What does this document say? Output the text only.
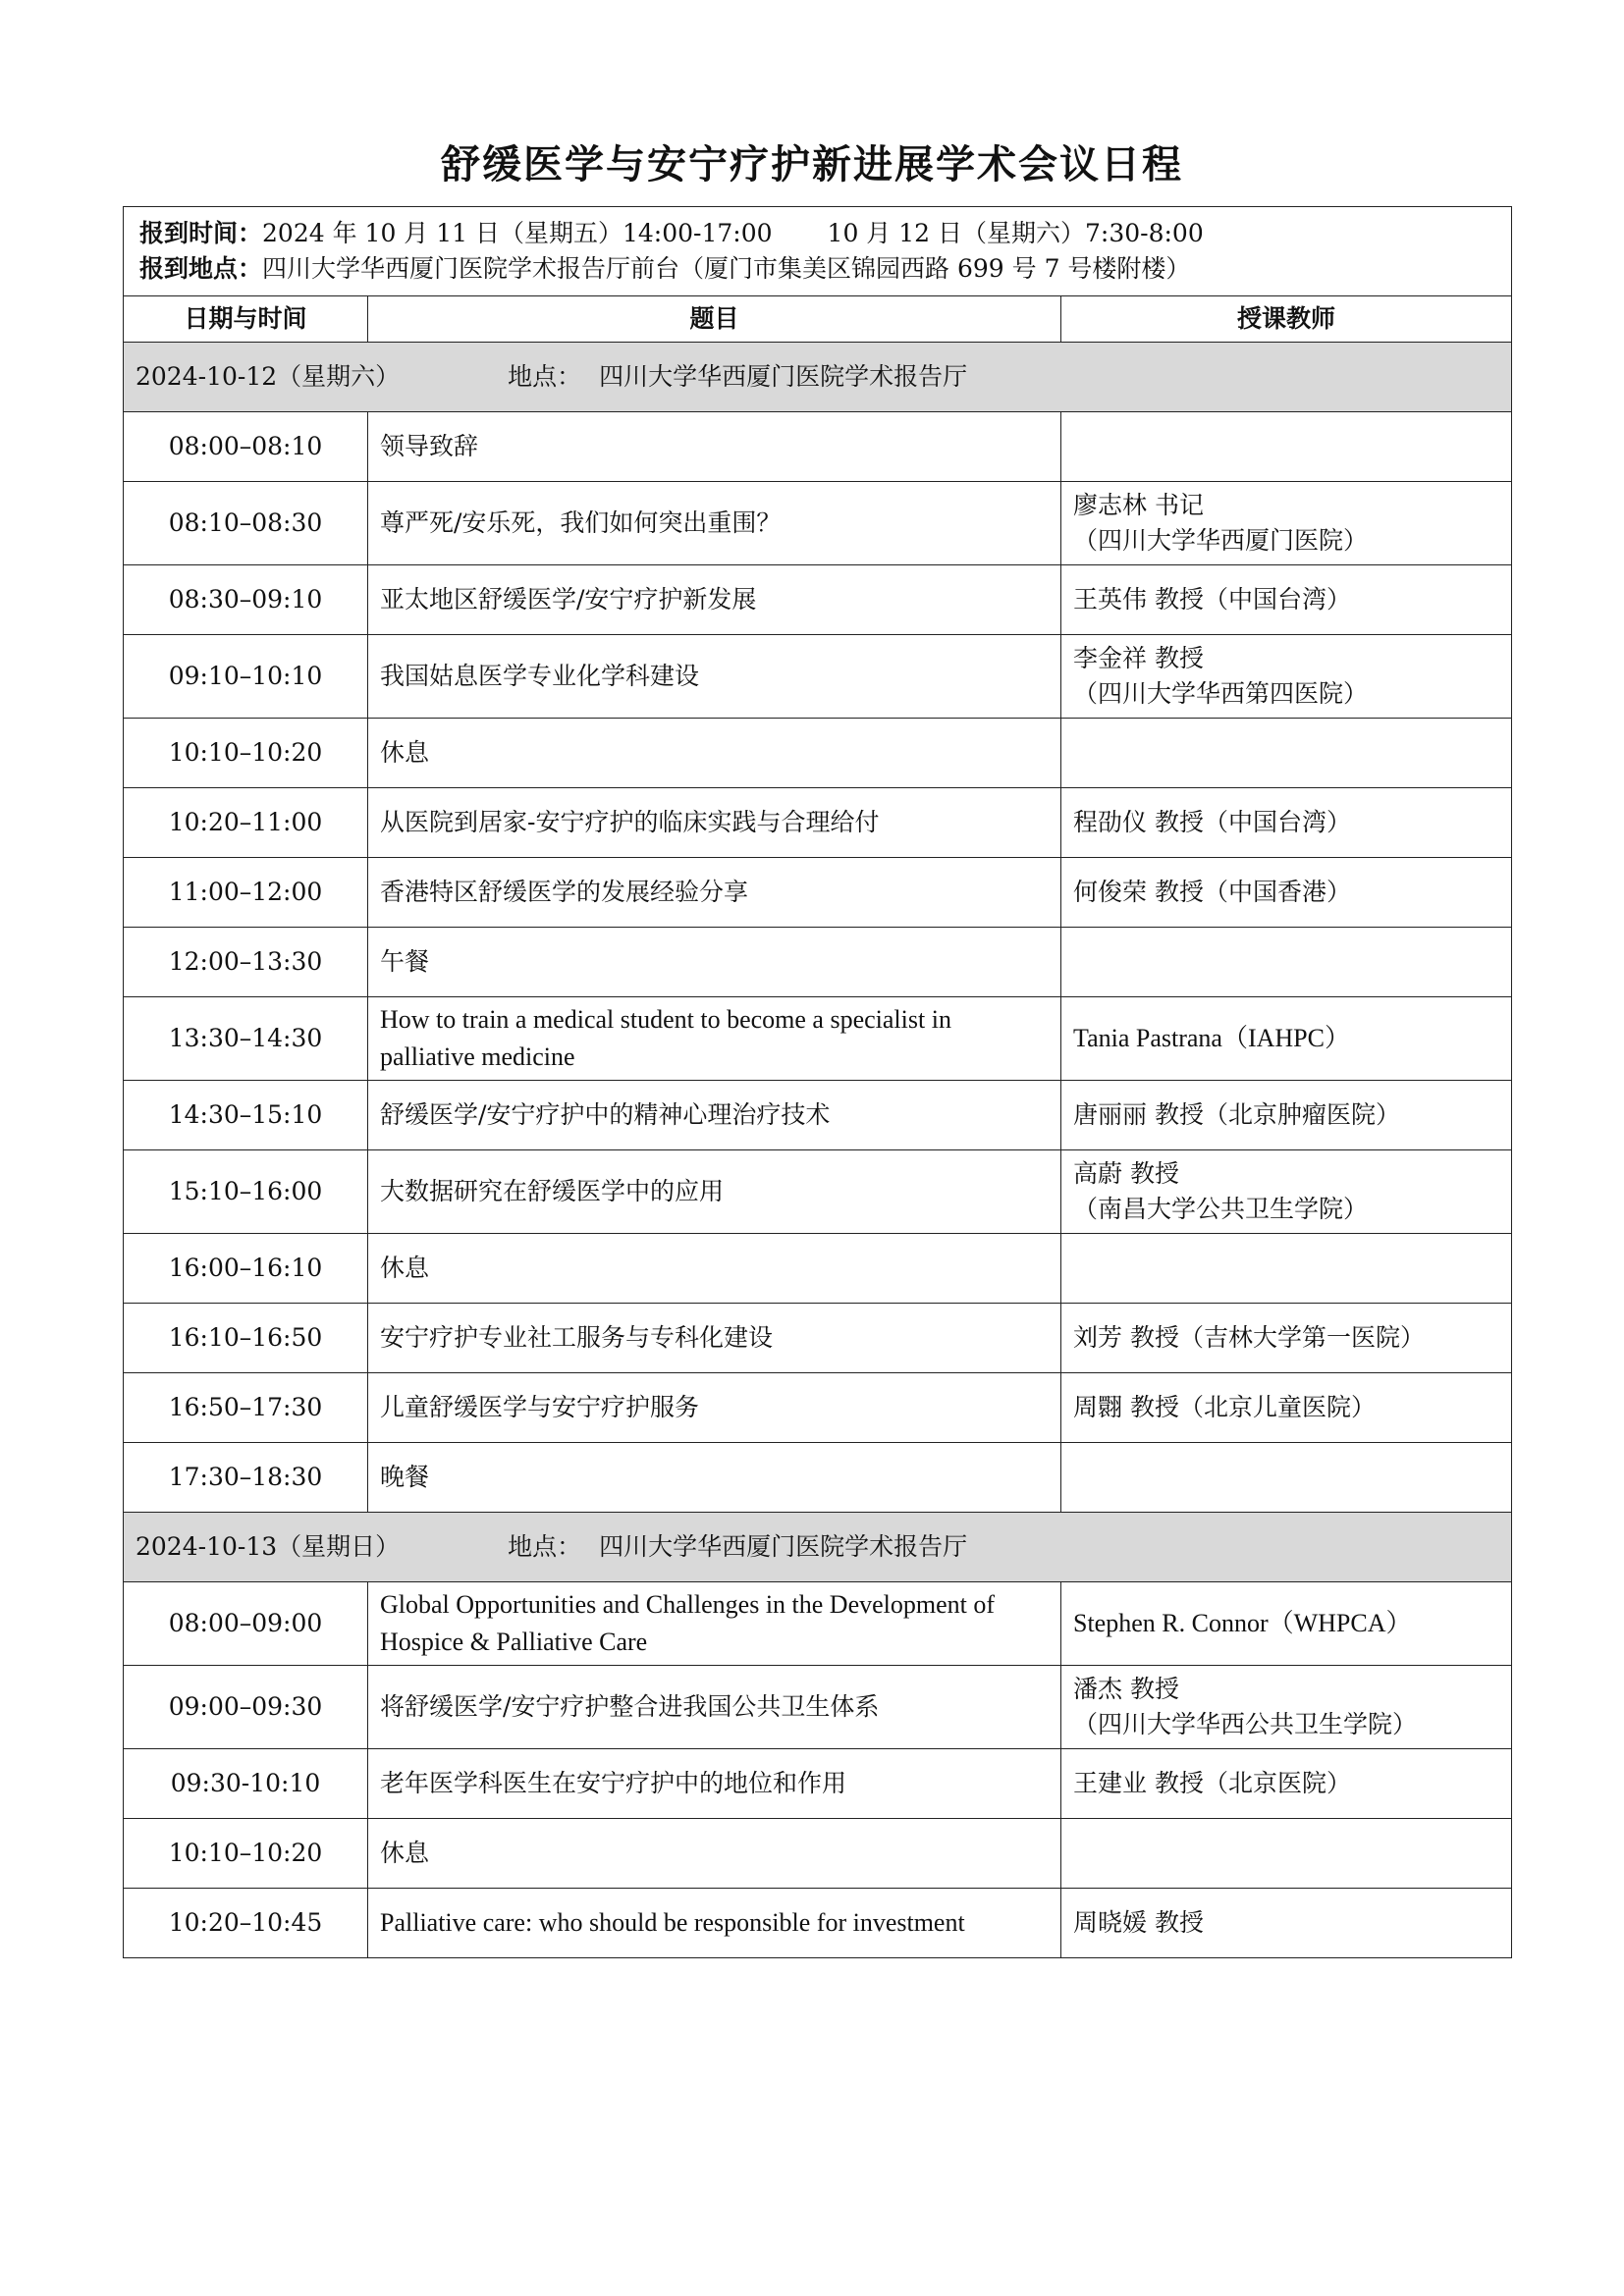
舒缓医学与安宁疗护新进展学术会议日程
报到时间：2024 年 10 月 11 日（星期五）14:00-17:00 10 月 12 日（星期六）7:30-8:00
报到地点：四川大学华西厦门医院学术报告厅前台（厦门市集美区锦园西路 699 号 7 号楼附楼）		

日期与时间	题目	授课教师
2024-10-12（星期六） 地点： 四川大学华西厦门医院学术报告厅		
08:00–08:10	领导致辞	

08:10–08:30	尊严死/安乐死，我们如何突出重围？	廖志林 书记
（四川大学华西厦门医院）

08:30–09:10	亚太地区舒缓医学/安宁疗护新发展	王英伟 教授（中国台湾）

09:10–10:10	我国姑息医学专业化学科建设	李金祥 教授
（四川大学华西第四医院）

10:10–10:20	休息	

10:20–11:00	从医院到居家-安宁疗护的临床实践与合理给付	程劭仪 教授（中国台湾）

11:00–12:00	香港特区舒缓医学的发展经验分享	何俊荣 教授（中国香港）

12:00–13:30	午餐	

13:30–14:30	How to train a medical student to become a specialist in palliative medicine	Tania Pastrana（IAHPC）

14:30–15:10	舒缓医学/安宁疗护中的精神心理治疗技术	唐丽丽 教授（北京肿瘤医院）

15:10–16:00	大数据研究在舒缓医学中的应用	高蔚 教授
（南昌大学公共卫生学院）

16:00–16:10	休息	

16:10–16:50	安宁疗护专业社工服务与专科化建设	刘芳 教授（吉林大学第一医院）

16:50–17:30	儿童舒缓医学与安宁疗护服务	周翾 教授（北京儿童医院）

17:30–18:30	晚餐	

2024-10-13（星期日） 地点： 四川大学华西厦门医院学术报告厅		
08:00–09:00	Global Opportunities and Challenges in the Development of Hospice & Palliative Care	Stephen R. Connor（WHPCA）

09:00–09:30	将舒缓医学/安宁疗护整合进我国公共卫生体系	潘杰 教授
（四川大学华西公共卫生学院）

09:30-10:10	老年医学科医生在安宁疗护中的地位和作用	王建业 教授（北京医院）

10:10–10:20	休息	

10:20–10:45	Palliative care: who should be responsible for investment	周晓媛 教授
